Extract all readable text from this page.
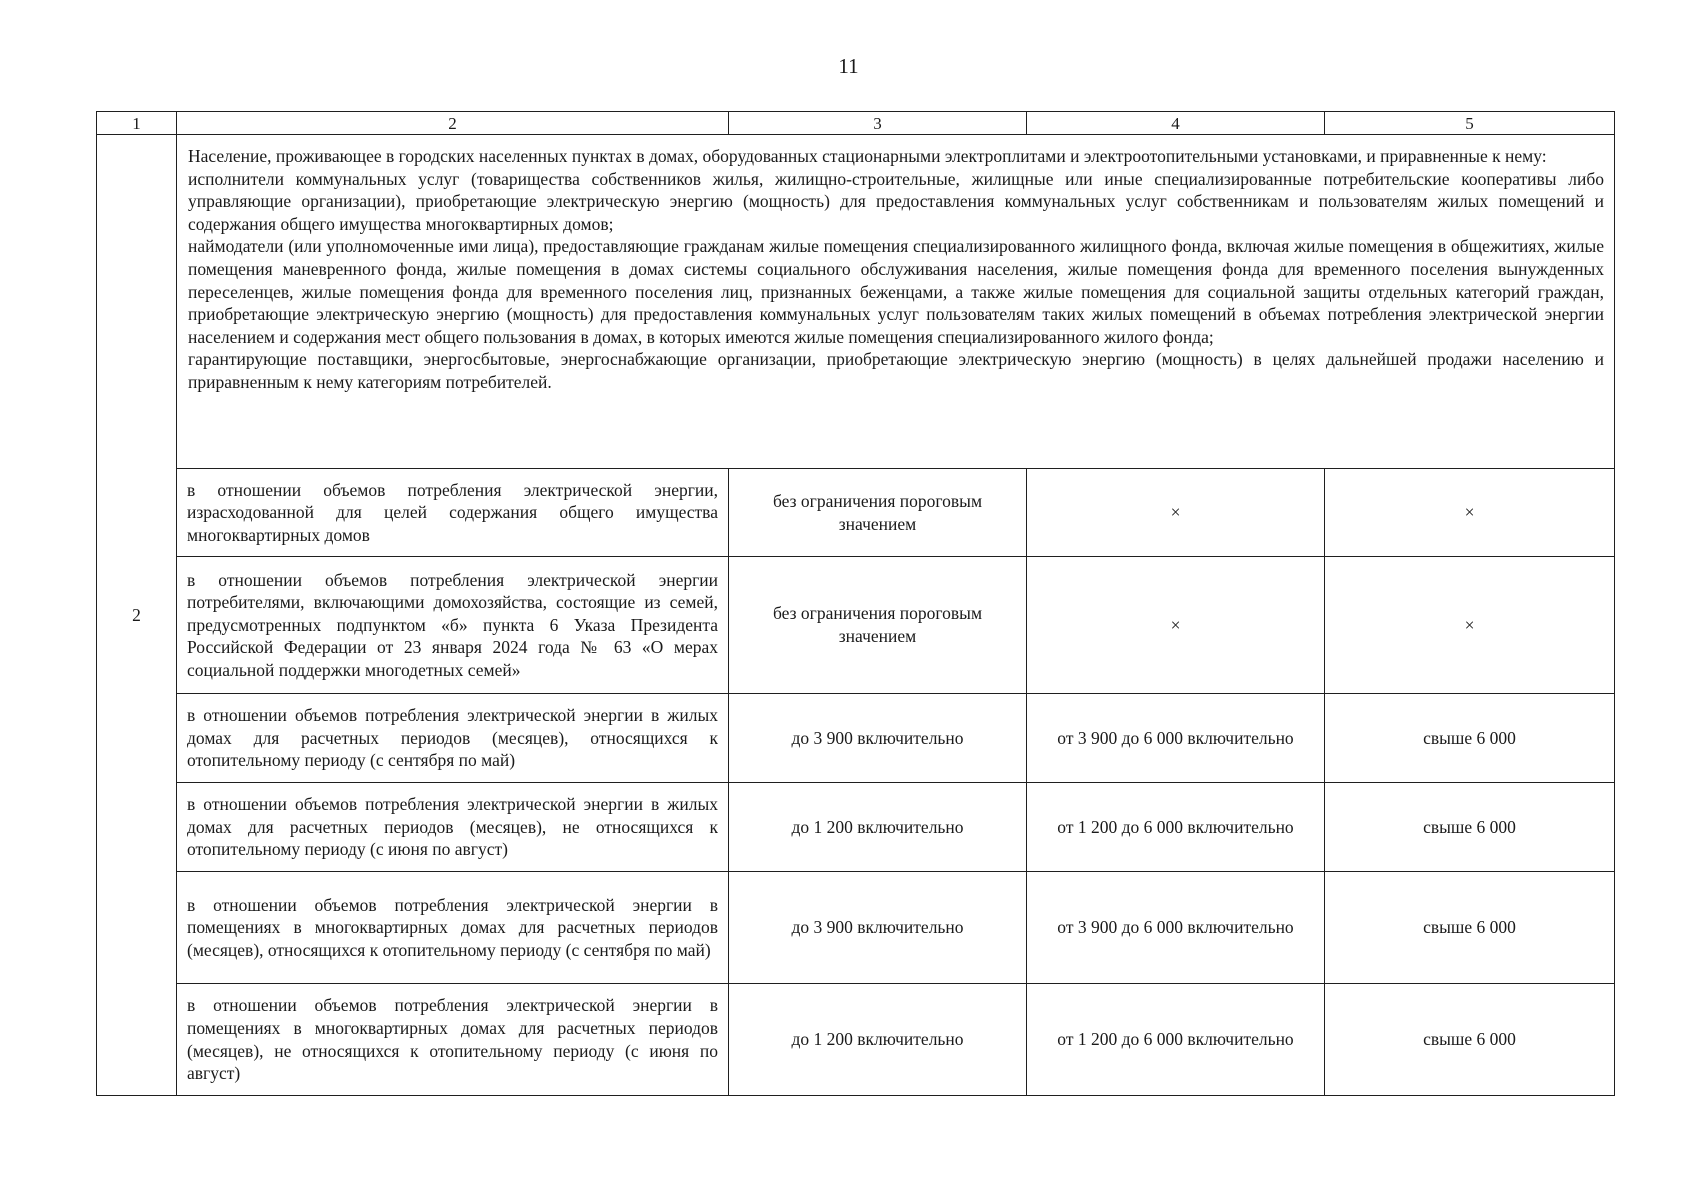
11
1	2	3	4	5
2	Население, проживающее в городских населенных пунктах в домах, оборудованных стационарными электроплитами и электроотопительными установками, и приравненные к нему:
исполнители коммунальных услуг (товарищества собственников жилья, жилищно-строительные, жилищные или иные специализированные потребительские кооперативы либо управляющие организации), приобретающие электрическую энергию (мощность) для предоставления коммунальных услуг собственникам и пользователям жилых помещений и содержания общего имущества многоквартирных домов;
наймодатели (или уполномоченные ими лица), предоставляющие гражданам жилые помещения специализированного жилищного фонда, включая жилые помещения в общежитиях, жилые помещения маневренного фонда, жилые помещения в домах системы социального обслуживания населения, жилые помещения фонда для временного поселения вынужденных переселенцев, жилые помещения фонда для временного поселения лиц, признанных беженцами, а также жилые помещения для социальной защиты отдельных категорий граждан, приобретающие электрическую энергию (мощность) для предоставления коммунальных услуг пользователям таких жилых помещений в объемах потребления электрической энергии населением и содержания мест общего пользования в домах, в которых имеются жилые помещения специализированного жилого фонда;
гарантирующие поставщики, энергосбытовые, энергоснабжающие организации, приобретающие электрическую энергию (мощность) в целях дальнейшей продажи населению и приравненным к нему категориям потребителей.			

	в отношении объемов потребления электрической энергии, израсходованной для целей содержания общего имущества многоквартирных домов	без ограничения пороговым значением	×	×
	в отношении объемов потребления электрической энергии потребителями, включающими домохозяйства, состоящие из семей, предусмотренных подпунктом «б» пункта 6 Указа Президента Российской Федерации от 23 января 2024 года № 63 «О мерах социальной поддержки многодетных семей»	без ограничения пороговым значением	×	×
	в отношении объемов потребления электрической энергии в жилых домах для расчетных периодов (месяцев), относящихся к отопительному периоду (с сентября по май)	до 3 900 включительно	от 3 900 до 6 000 включительно	свыше 6 000
	в отношении объемов потребления электрической энергии в жилых домах для расчетных периодов (месяцев), не относящихся к отопительному периоду (с июня по август)	до 1 200 включительно	от 1 200 до 6 000 включительно	свыше 6 000
	в отношении объемов потребления электрической энергии в помещениях в многоквартирных домах для расчетных периодов (месяцев), относящихся к отопительному периоду (с сентября по май)	до 3 900 включительно	от 3 900 до 6 000 включительно	свыше 6 000
	в отношении объемов потребления электрической энергии в помещениях в многоквартирных домах для расчетных периодов (месяцев), не относящихся к отопительному периоду (с июня по август)	до 1 200 включительно	от 1 200 до 6 000 включительно	свыше 6 000
